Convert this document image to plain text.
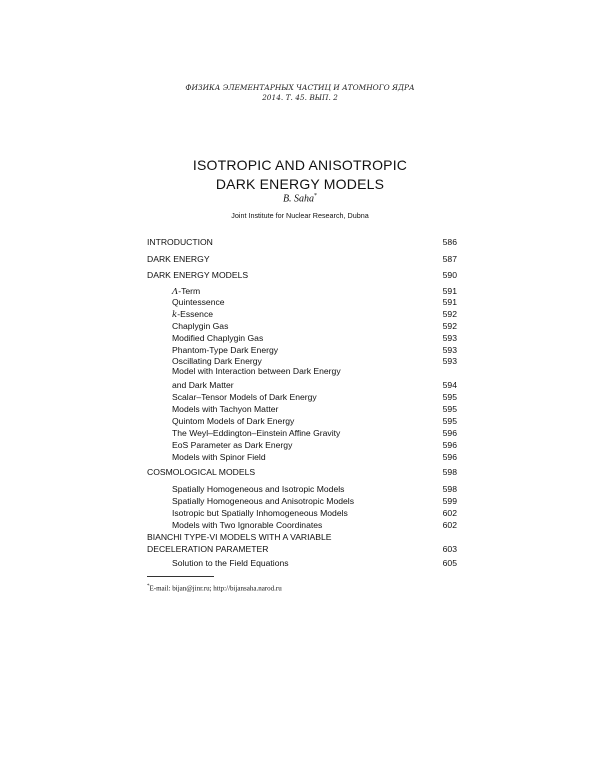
ФИЗИКА ЭЛЕМЕНТАРНЫХ ЧАСТИЦ И АТОМНОГО ЯДРА
2014. Т. 45. ВЫП. 2
ISOTROPIC AND ANISOTROPIC
DARK ENERGY MODELS
B. Saha*
Joint Institute for Nuclear Research, Dubna
INTRODUCTION	586
DARK ENERGY	587
DARK ENERGY MODELS	590
Λ-Term	591
Quintessence	591
k-Essence	592
Chaplygin Gas	592
Modified Chaplygin Gas	593
Phantom-Type Dark Energy	593
Oscillating Dark Energy	593
Model with Interaction between Dark Energy
and Dark Matter	594
Scalar–Tensor Models of Dark Energy	595
Models with Tachyon Matter	595
Quintom Models of Dark Energy	595
The Weyl–Eddington–Einstein Affine Gravity	596
EoS Parameter as Dark Energy	596
Models with Spinor Field	596
COSMOLOGICAL MODELS	598
Spatially Homogeneous and Isotropic Models	598
Spatially Homogeneous and Anisotropic Models	599
Isotropic but Spatially Inhomogeneous Models	602
Models with Two Ignorable Coordinates	602
BIANCHI TYPE-VI MODELS WITH A VARIABLE
DECELERATION PARAMETER	603
Solution to the Field Equations	605
*E-mail: bijan@jinr.ru; http://bijansaha.narod.ru
